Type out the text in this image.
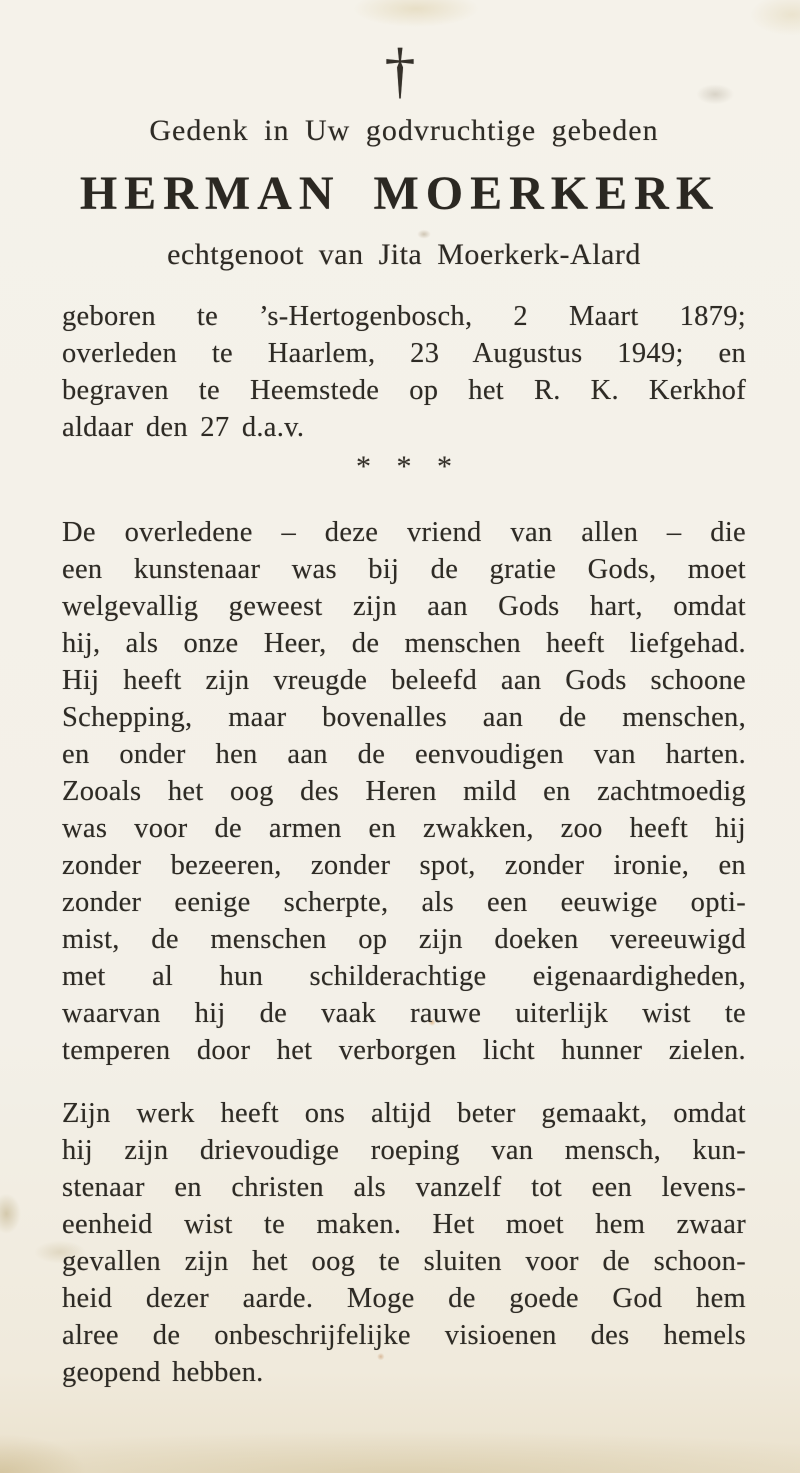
†
Gedenk in Uw godvruchtige gebeden
HERMAN MOERKERK
echtgenoot van Jita Moerkerk-Alard
geboren te ’s-Hertogenbosch, 2 Maart 1879;
overleden te Haarlem, 23 Augustus 1949; en
begraven te Heemstede op het R. K. Kerkhof
aldaar den 27 d.a.v.
* * *
De overledene – deze vriend van allen – die
een kunstenaar was bij de gratie Gods, moet
welgevallig geweest zijn aan Gods hart, omdat
hij, als onze Heer, de menschen heeft liefgehad.
Hij heeft zijn vreugde beleefd aan Gods schoone
Schepping, maar bovenalles aan de menschen,
en onder hen aan de eenvoudigen van harten.
Zooals het oog des Heren mild en zachtmoedig
was voor de armen en zwakken, zoo heeft hij
zonder bezeeren, zonder spot, zonder ironie, en
zonder eenige scherpte, als een eeuwige opti-
mist, de menschen op zijn doeken vereeuwigd
met al hun schilderachtige eigenaardigheden,
waarvan hij de vaak rauwe uiterlijk wist te
temperen door het verborgen licht hunner zielen.
Zijn werk heeft ons altijd beter gemaakt, omdat
hij zijn drievoudige roeping van mensch, kun-
stenaar en christen als vanzelf tot een levens-
eenheid wist te maken. Het moet hem zwaar
gevallen zijn het oog te sluiten voor de schoon-
heid dezer aarde. Moge de goede God hem
alree de onbeschrijfelijke visioenen des hemels
geopend hebben.
